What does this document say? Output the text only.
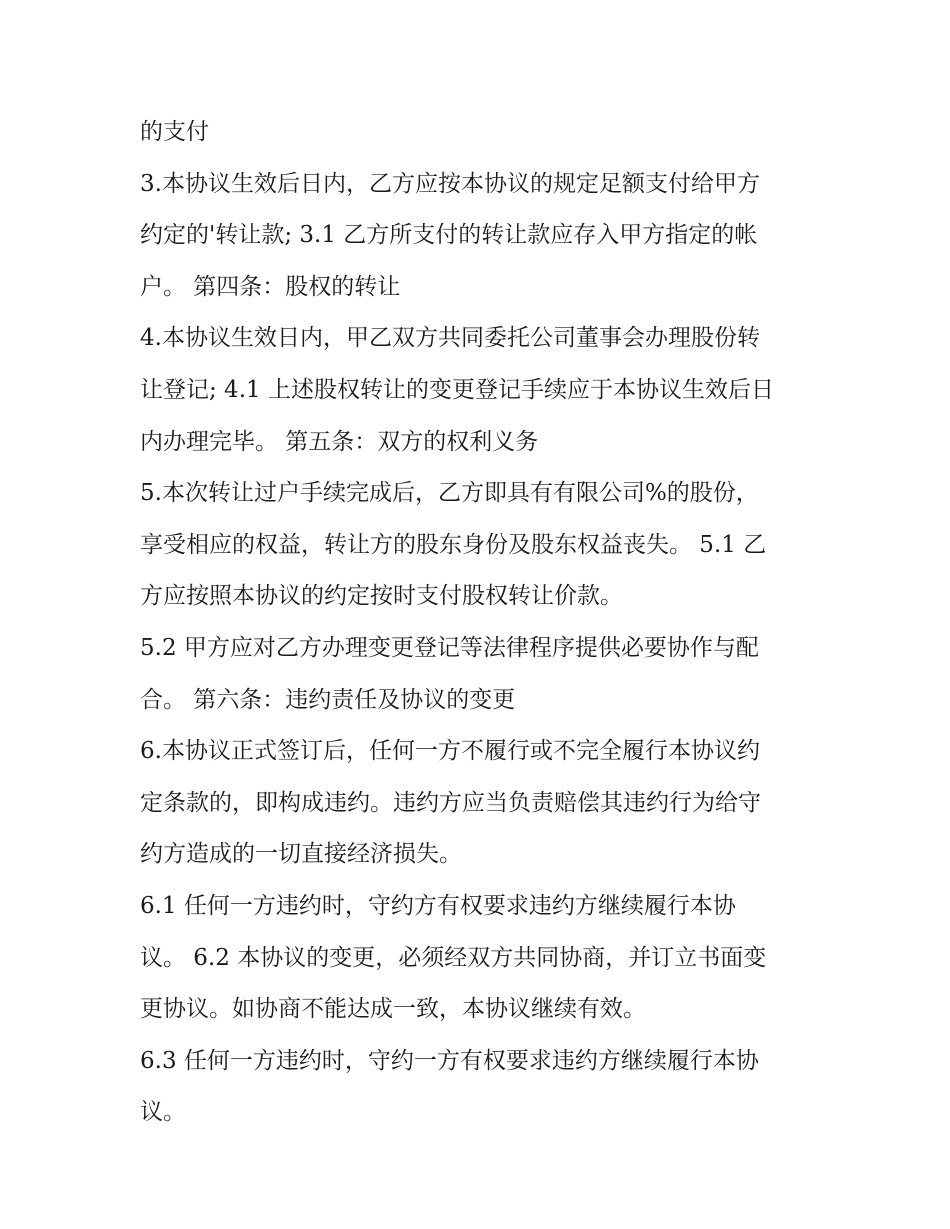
的支付
3.本协议生效后日内，乙方应按本协议的规定足额支付给甲方
约定的'转让款; 3.1 乙方所支付的转让款应存入甲方指定的帐
户。 第四条：股权的转让
4.本协议生效日内，甲乙双方共同委托公司董事会办理股份转
让登记; 4.1 上述股权转让的变更登记手续应于本协议生效后日
内办理完毕。 第五条：双方的权利义务
5.本次转让过户手续完成后，乙方即具有有限公司%的股份，
享受相应的权益，转让方的股东身份及股东权益丧失。 5.1 乙
方应按照本协议的约定按时支付股权转让价款。
5.2 甲方应对乙方办理变更登记等法律程序提供必要协作与配
合。 第六条：违约责任及协议的变更
6.本协议正式签订后，任何一方不履行或不完全履行本协议约
定条款的，即构成违约。违约方应当负责赔偿其违约行为给守
约方造成的一切直接经济损失。
6.1 任何一方违约时，守约方有权要求违约方继续履行本协
议。 6.2 本协议的变更，必须经双方共同协商，并订立书面变
更协议。如协商不能达成一致，本协议继续有效。
6.3 任何一方违约时，守约一方有权要求违约方继续履行本协
议。
